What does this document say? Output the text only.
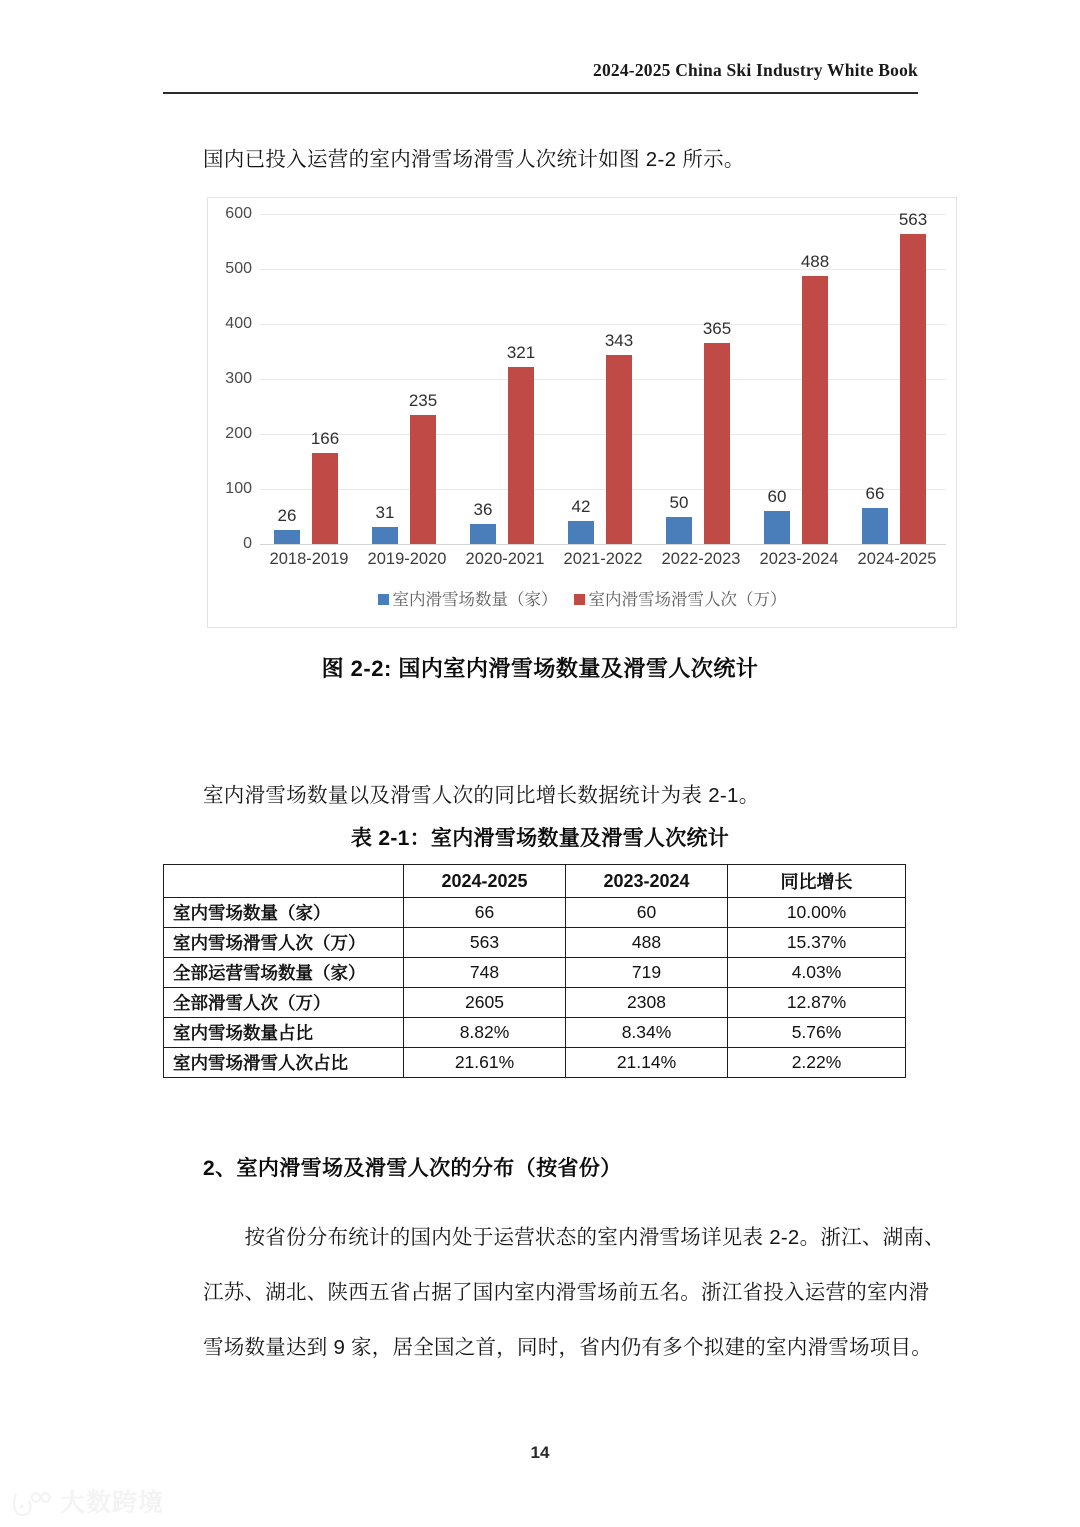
2024-2025 China Ski Industry White Book
国内已投入运营的室内滑雪场滑雪人次统计如图 2-2 所示。
0
100
200
300
400
500
600
26
166
31
235
36
321
42
343
50
365
60
488
66
563
2018-2019 2019-2020 2020-2021 2021-2022 2022-2023 2023-2024 2024-2025
室内滑雪场数量（家） 室内滑雪场滑雪人次（万）
图 2-2: 国内室内滑雪场数量及滑雪人次统计
室内滑雪场数量以及滑雪人次的同比增长数据统计为表 2-1。
表 2-1：室内滑雪场数量及滑雪人次统计
	2024-2025	2023-2024	同比增长
室内雪场数量（家）	66	60	10.00%
室内雪场滑雪人次（万）	563	488	15.37%
全部运营雪场数量（家）	748	719	4.03%
全部滑雪人次（万）	2605	2308	12.87%
室内雪场数量占比	8.82%	8.34%	5.76%
室内雪场滑雪人次占比	21.61%	21.14%	2.22%
2、室内滑雪场及滑雪人次的分布（按省份）
　　按省份分布统计的国内处于运营状态的室内滑雪场详见表 2-2。浙江、湖南、
江苏、湖北、陕西五省占据了国内室内滑雪场前五名。浙江省投入运营的室内滑
雪场数量达到 9 家，居全国之首，同时，省内仍有多个拟建的室内滑雪场项目。
14
大数跨境
